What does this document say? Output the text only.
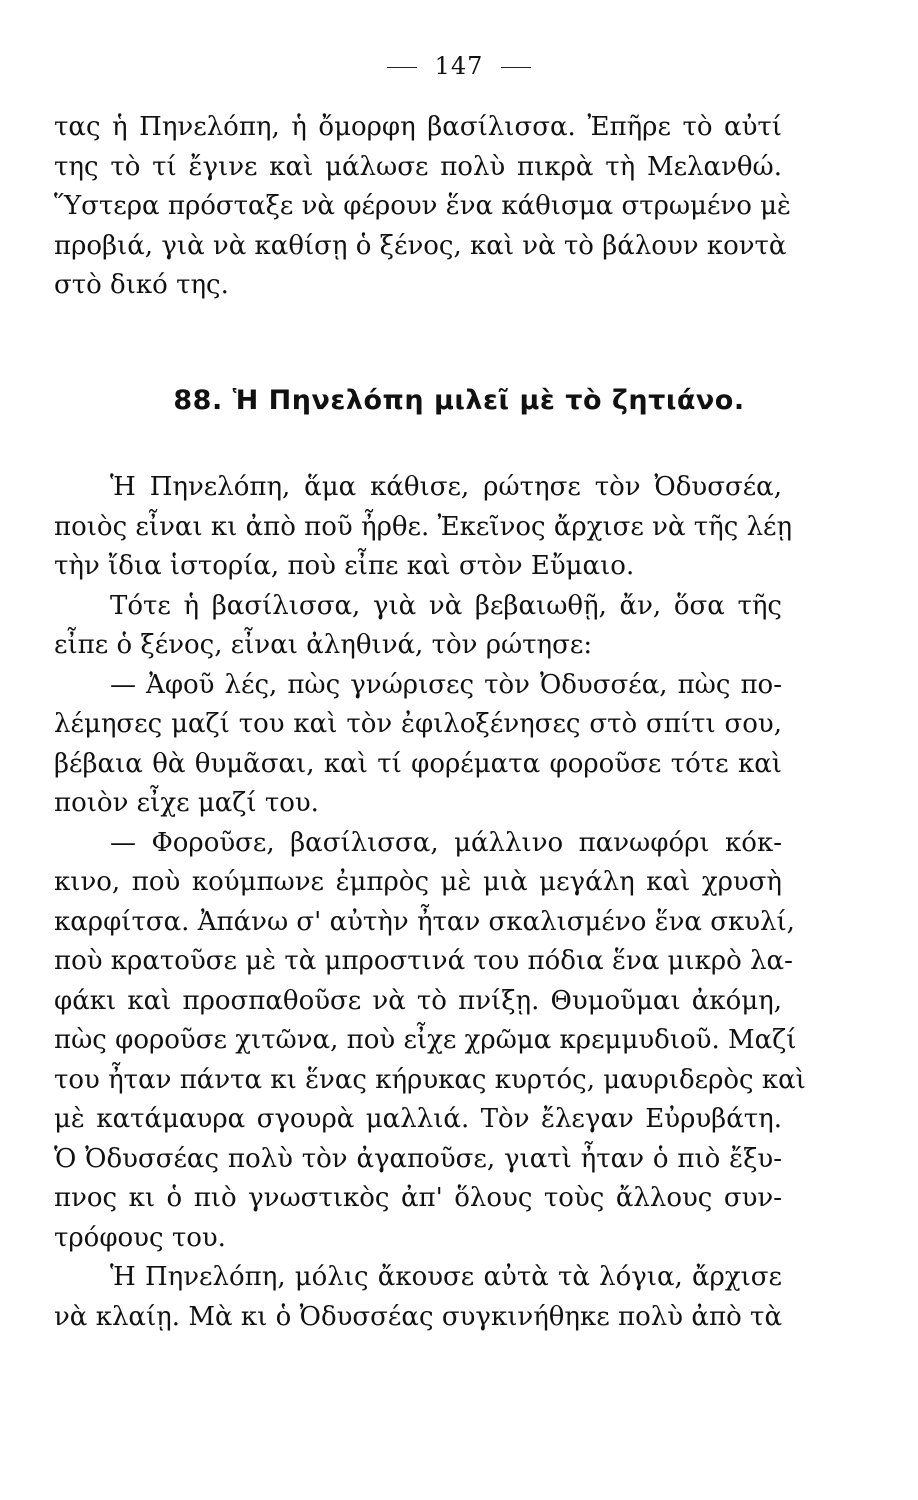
147
τας ἡ Πηνελόπη, ἡ ὄμορφη βασίλισσα. Ἐπῆρε τὸ αὐτί
της τὸ τί ἔγινε καὶ μάλωσε πολὺ πικρὰ τὴ Μελανθώ.
Ὕστερα πρόσταξε νὰ φέρουν ἕνα κάθισμα στρωμένο μὲ
προβιά, γιὰ νὰ καθίσῃ ὁ ξένος, καὶ νὰ τὸ βάλουν κοντὰ
στὸ δικό της.
88. Ἡ Πηνελόπη μιλεῖ μὲ τὸ ζητιάνο.
Ἡ Πηνελόπη, ἅμα κάθισε, ρώτησε τὸν Ὀδυσσέα,
ποιὸς εἶναι κι ἀπὸ ποῦ ἦρθε. Ἐκεῖνος ἄρχισε νὰ τῆς λέῃ
τὴν ἴδια ἱστορία, ποὺ εἶπε καὶ στὸν Εὔμαιο.
Τότε ἡ βασίλισσα, γιὰ νὰ βεβαιωθῇ, ἄν, ὅσα τῆς
εἶπε ὁ ξένος, εἶναι ἀληθινά, τὸν ρώτησε:
— Ἀφοῦ λές, πὼς γνώρισες τὸν Ὀδυσσέα, πὼς πο-
λέμησες μαζί του καὶ τὸν ἐφιλοξένησες στὸ σπίτι σου,
βέβαια θὰ θυμᾶσαι, καὶ τί φορέματα φοροῦσε τότε καὶ
ποιὸν εἶχε μαζί του.
— Φοροῦσε, βασίλισσα, μάλλινο πανωφόρι κόκ-
κινο, ποὺ κούμπωνε ἐμπρὸς μὲ μιὰ μεγάλη καὶ χρυσὴ
καρφίτσα. Ἀπάνω σ' αὐτὴν ἦταν σκαλισμένο ἕνα σκυλί,
ποὺ κρατοῦσε μὲ τὰ μπροστινά του πόδια ἕνα μικρὸ λα-
φάκι καὶ προσπαθοῦσε νὰ τὸ πνίξῃ. Θυμοῦμαι ἀκόμη,
πὼς φοροῦσε χιτῶνα, ποὺ εἶχε χρῶμα κρεμμυδιοῦ. Μαζί
του ἦταν πάντα κι ἕνας κήρυκας κυρτός, μαυριδερὸς καὶ
μὲ κατάμαυρα σγουρὰ μαλλιά. Τὸν ἔλεγαν Εὐρυβάτη.
Ὁ Ὀδυσσέας πολὺ τὸν ἀγαποῦσε, γιατὶ ἦταν ὁ πιὸ ἔξυ-
πνος κι ὁ πιὸ γνωστικὸς ἀπ' ὅλους τοὺς ἄλλους συν-
τρόφους του.
Ἡ Πηνελόπη, μόλις ἄκουσε αὐτὰ τὰ λόγια, ἄρχισε
νὰ κλαίῃ. Μὰ κι ὁ Ὀδυσσέας συγκινήθηκε πολὺ ἀπὸ τὰ
